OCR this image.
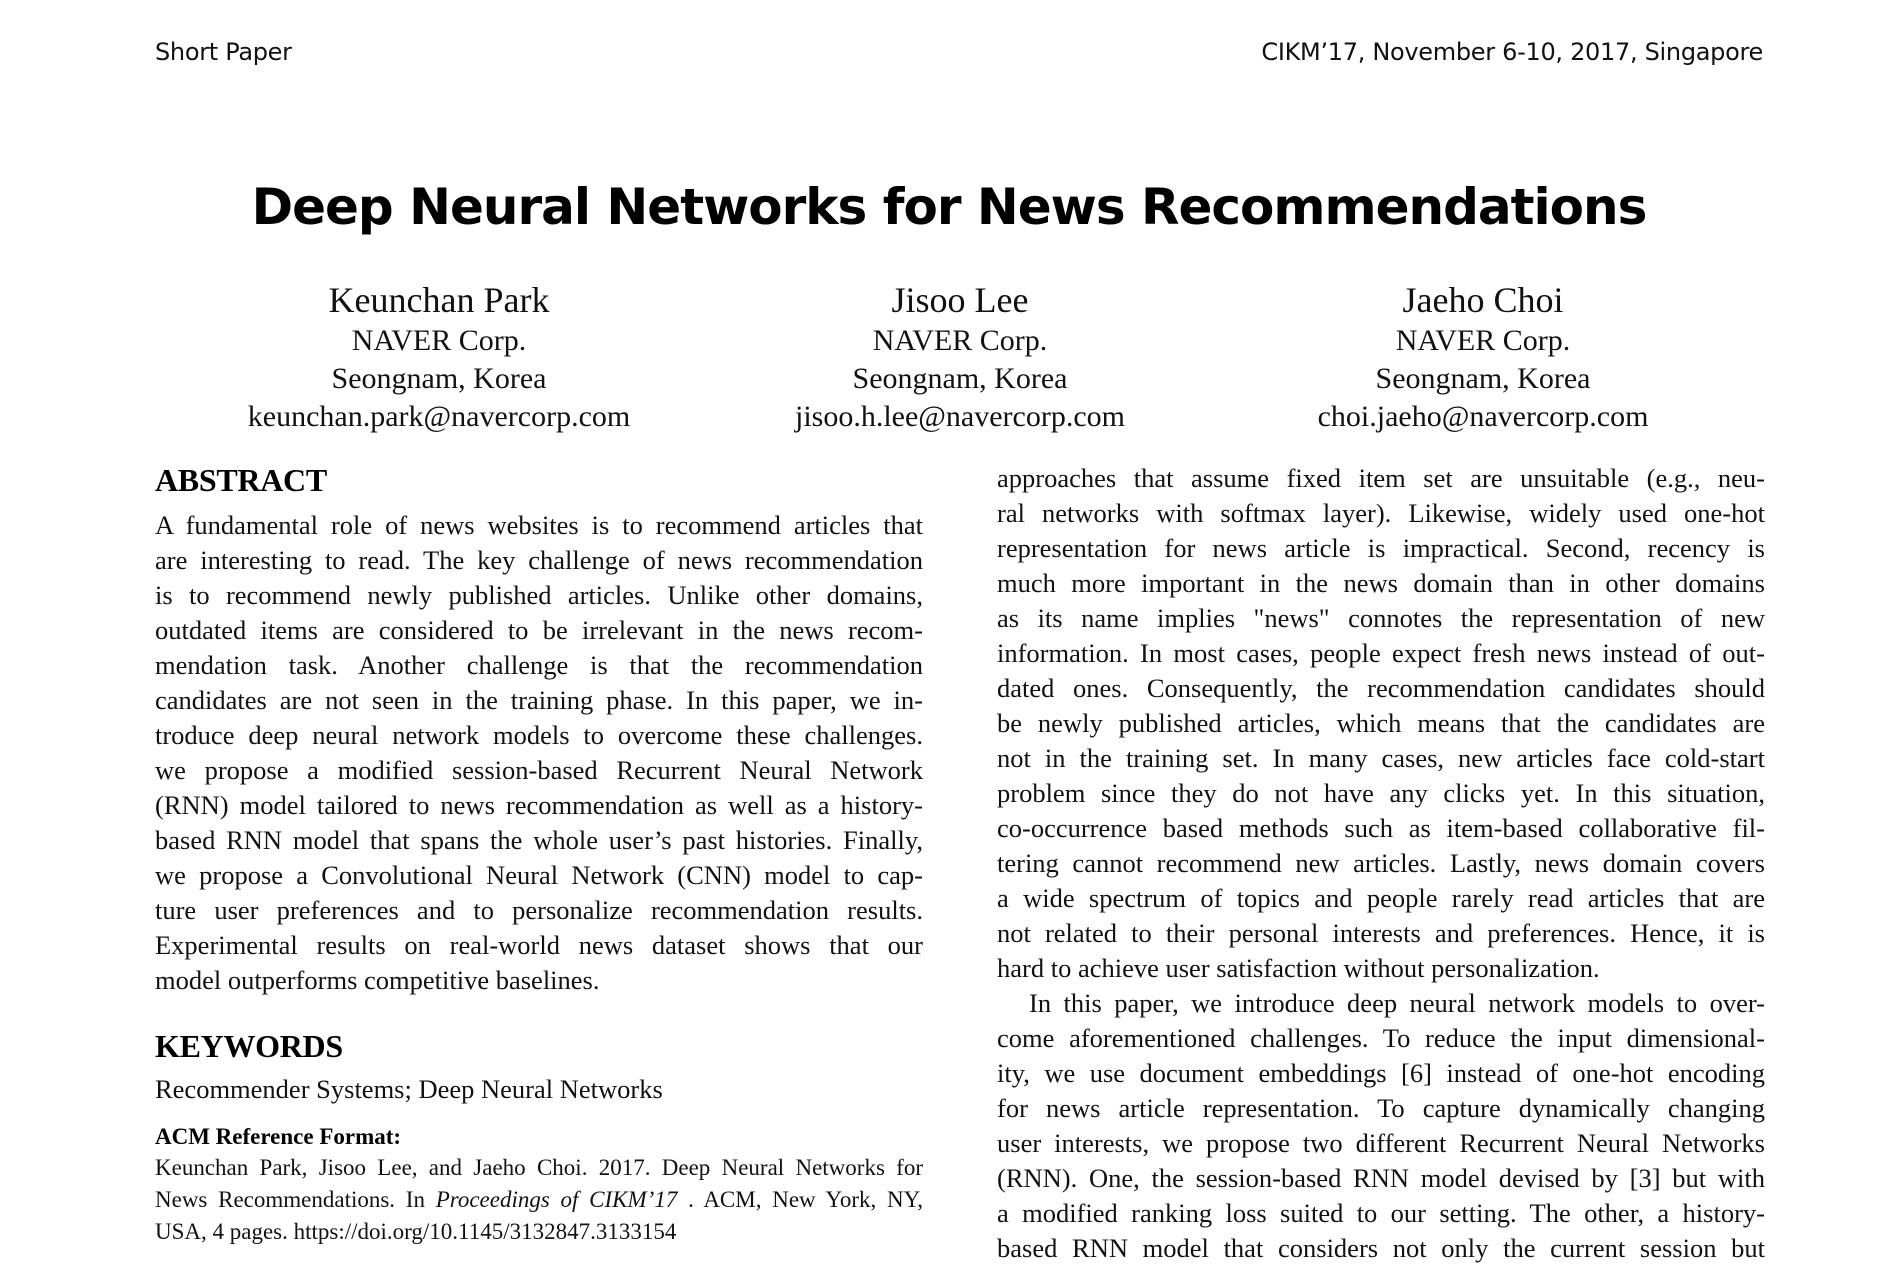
Short Paper	CIKM’17, November 6-10, 2017, Singapore
Deep Neural Networks for News Recommendations
Keunchan Park
NAVER Corp.
Seongnam, Korea
keunchan.park@navercorp.com
Jisoo Lee
NAVER Corp.
Seongnam, Korea
jisoo.h.lee@navercorp.com
Jaeho Choi
NAVER Corp.
Seongnam, Korea
choi.jaeho@navercorp.com
ABSTRACT
A fundamental role of news websites is to recommend articles that
are interesting to read. The key challenge of news recommendation
is to recommend newly published articles. Unlike other domains,
outdated items are considered to be irrelevant in the news recom-
mendation task. Another challenge is that the recommendation
candidates are not seen in the training phase. In this paper, we in-
troduce deep neural network models to overcome these challenges.
we propose a modified session-based Recurrent Neural Network
(RNN) model tailored to news recommendation as well as a history-
based RNN model that spans the whole user’s past histories. Finally,
we propose a Convolutional Neural Network (CNN) model to cap-
ture user preferences and to personalize recommendation results.
Experimental results on real-world news dataset shows that our
model outperforms competitive baselines.
KEYWORDS
Recommender Systems; Deep Neural Networks
ACM Reference Format:
Keunchan Park, Jisoo Lee, and Jaeho Choi. 2017. Deep Neural Networks for
News Recommendations. In Proceedings of CIKM’17 . ACM, New York, NY,
USA, 4 pages. https://doi.org/10.1145/3132847.3133154
approaches that assume fixed item set are unsuitable (e.g., neu-
ral networks with softmax layer). Likewise, widely used one-hot
representation for news article is impractical. Second, recency is
much more important in the news domain than in other domains
as its name implies "news" connotes the representation of new
information. In most cases, people expect fresh news instead of out-
dated ones. Consequently, the recommendation candidates should
be newly published articles, which means that the candidates are
not in the training set. In many cases, new articles face cold-start
problem since they do not have any clicks yet. In this situation,
co-occurrence based methods such as item-based collaborative fil-
tering cannot recommend new articles. Lastly, news domain covers
a wide spectrum of topics and people rarely read articles that are
not related to their personal interests and preferences. Hence, it is
hard to achieve user satisfaction without personalization.
In this paper, we introduce deep neural network models to over-
come aforementioned challenges. To reduce the input dimensional-
ity, we use document embeddings [6] instead of one-hot encoding
for news article representation. To capture dynamically changing
user interests, we propose two different Recurrent Neural Networks
(RNN). One, the session-based RNN model devised by [3] but with
a modified ranking loss suited to our setting. The other, a history-
based RNN model that considers not only the current session but
